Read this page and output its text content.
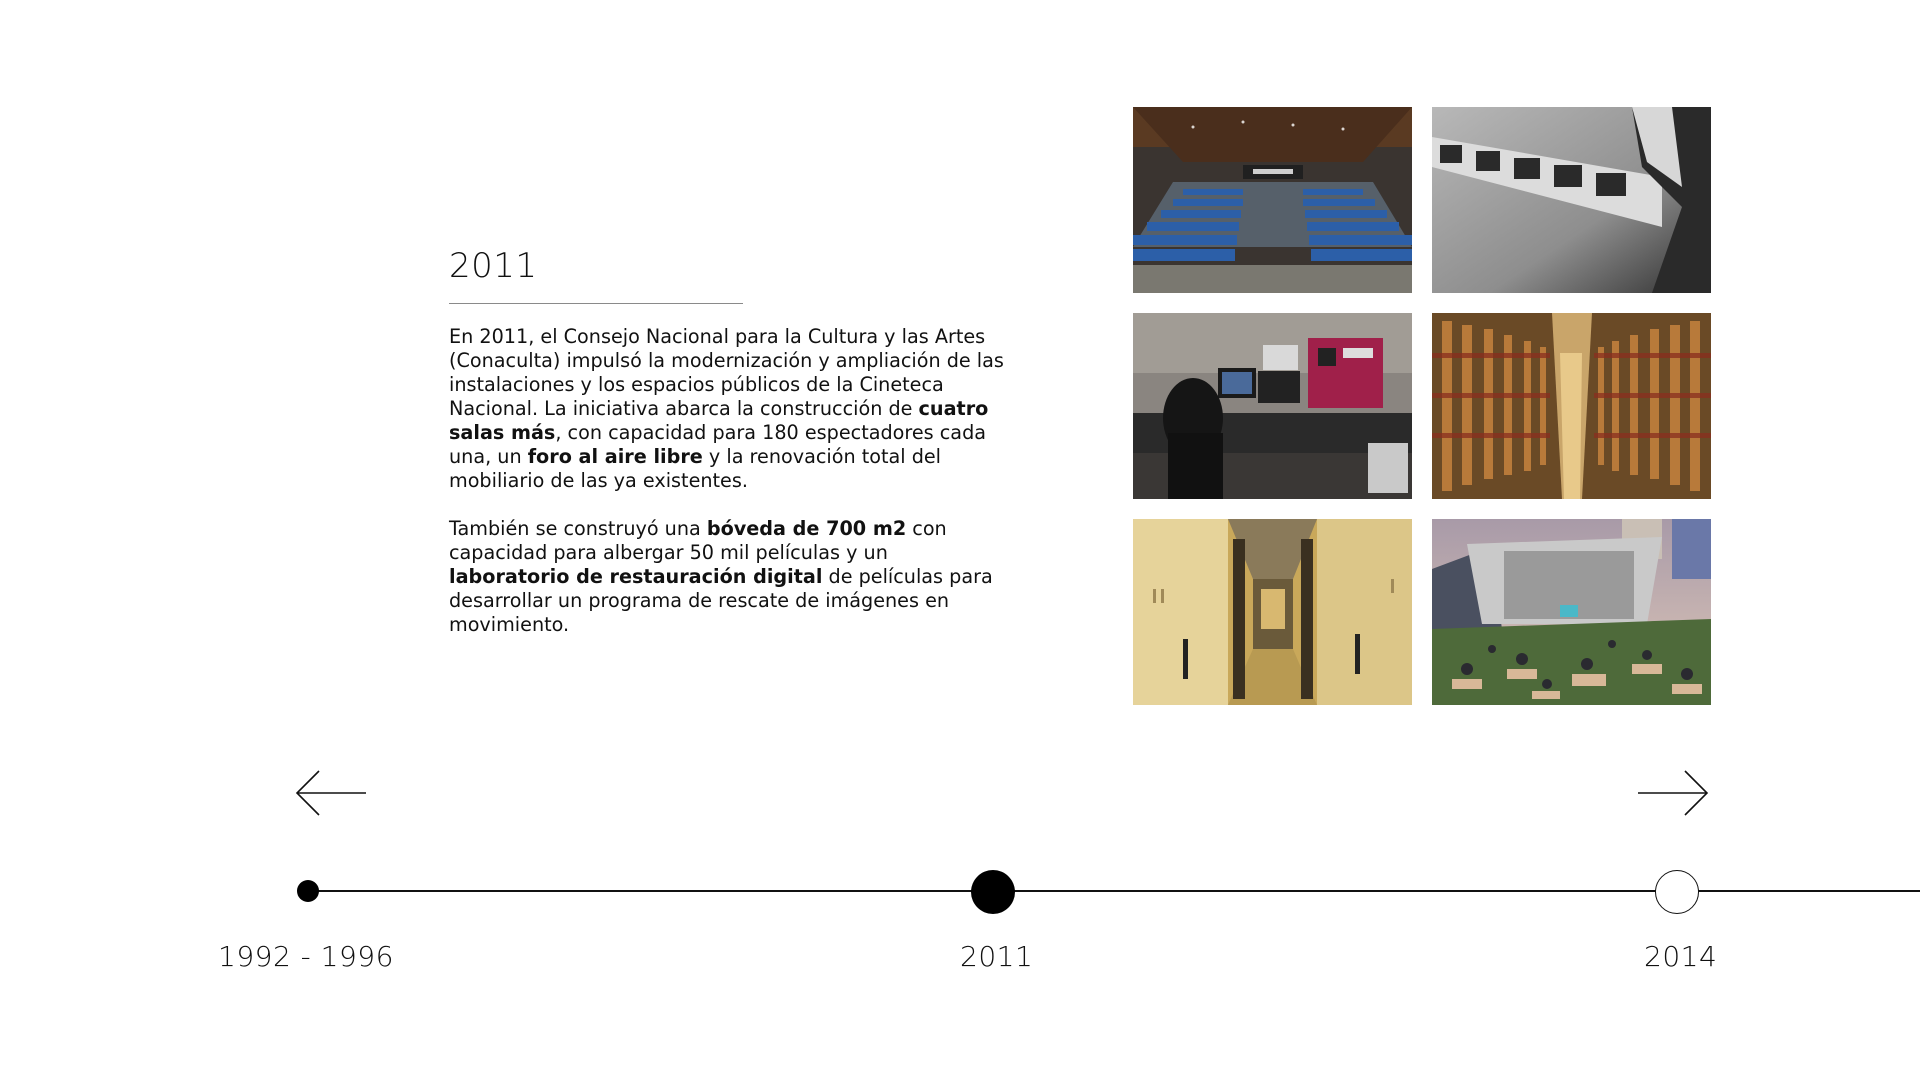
2011

En 2011, el Consejo Nacional para la Cultura y las Artes (Conaculta) impulsó la modernización y ampliación de las instalaciones y los espacios públicos de la Cineteca Nacional. La iniciativa abarca la construcción de cuatro salas más, con capacidad para 180 espectadores cada una, un foro al aire libre y la renovación total del mobiliario de las ya existentes.

También se construyó una bóveda de 700 m2 con capacidad para albergar 50 mil películas y un laboratorio de restauración digital de películas para desarrollar un programa de rescate de imágenes en movimiento.

1992 - 1996	2011	2014
